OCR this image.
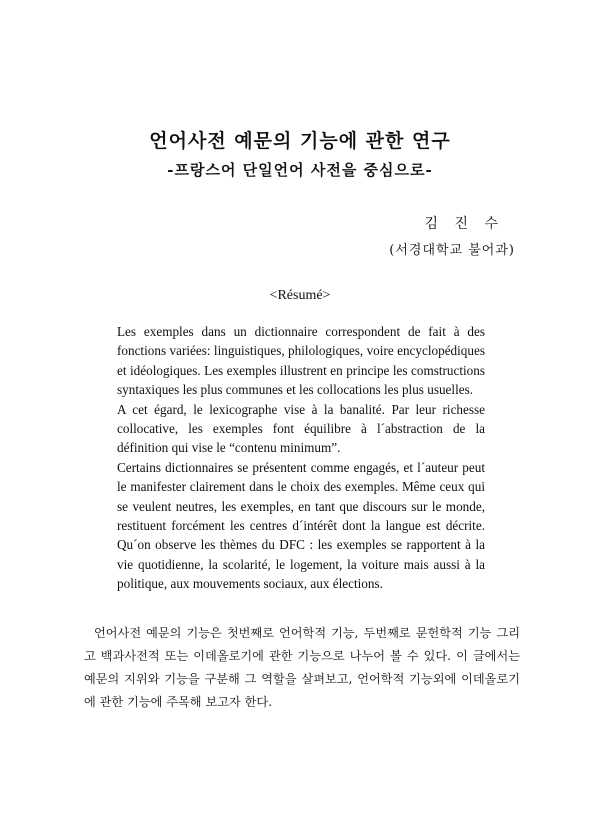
언어사전 예문의 기능에 관한 연구
-프랑스어 단일언어 사전을 중심으로-
김 진 수
(서경대학교 불어과)
<Résumé>

Les exemples dans un dictionnaire correspondent de fait à des fonctions variées: linguistiques, philologiques, voire encyclopédiques et idéologiques. Les exemples illustrent en principe les comstructions syntaxiques les plus communes et les collocations les plus usuelles.

A cet égard, le lexicographe vise à la banalité. Par leur richesse collocative, les exemples font équilibre à l´abstraction de la définition qui vise le “contenu minimum”.

Certains dictionnaires se présentent comme engagés, et l´auteur peut le manifester clairement dans le choix des exemples. Même ceux qui se veulent neutres, les exemples, en tant que discours sur le monde, restituent forcément les centres d´intérêt dont la langue est décrite. Qu´on observe les thèmes du DFC : les exemples se rapportent à la vie quotidienne, la scolarité, le logement, la voiture mais aussi à la politique, aux mouvements sociaux, aux élections.

언어사전 예문의 기능은 첫번째로 언어학적 기능, 두번째로 문헌학적 기능 그리고 백과사전적 또는 이데올로기에 관한 기능으로 나누어 볼 수 있다. 이 글에서는 예문의 지위와 기능을 구분해 그 역할을 살펴보고, 언어학적 기능외에 이데올로기에 관한 기능에 주목해 보고자 한다.
